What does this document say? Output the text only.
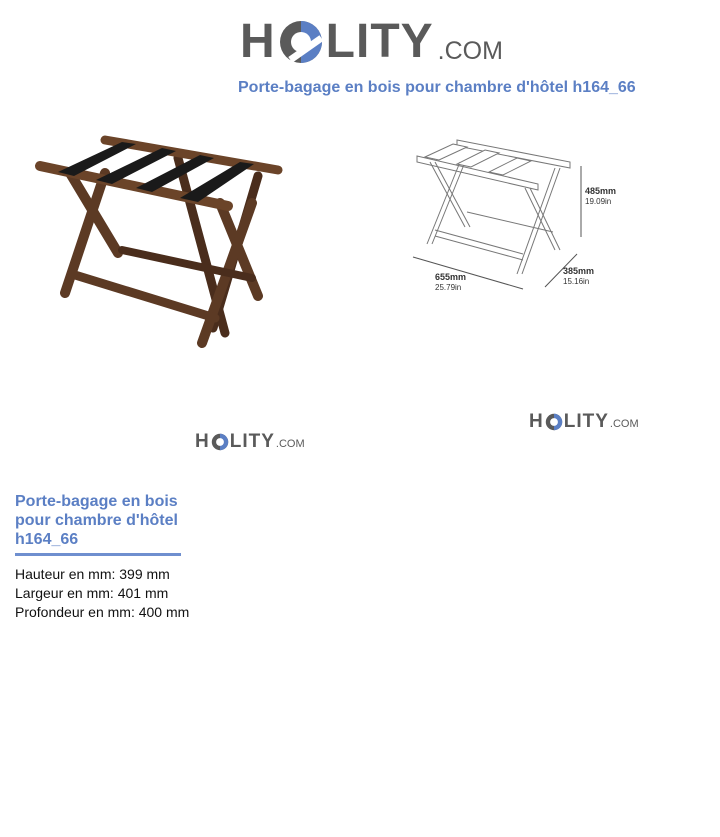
H LITY .COM
Porte-bagage en bois pour chambre d'hôtel h164_66
485mm
19.09in
655mm
25.79in
385mm
15.16in
H LITY .COM
H LITY .COM
Porte-bagage en bois pour chambre d'hôtel h164_66
Hauteur en mm: 399 mm
Largeur en mm: 401 mm
Profondeur en mm: 400 mm
